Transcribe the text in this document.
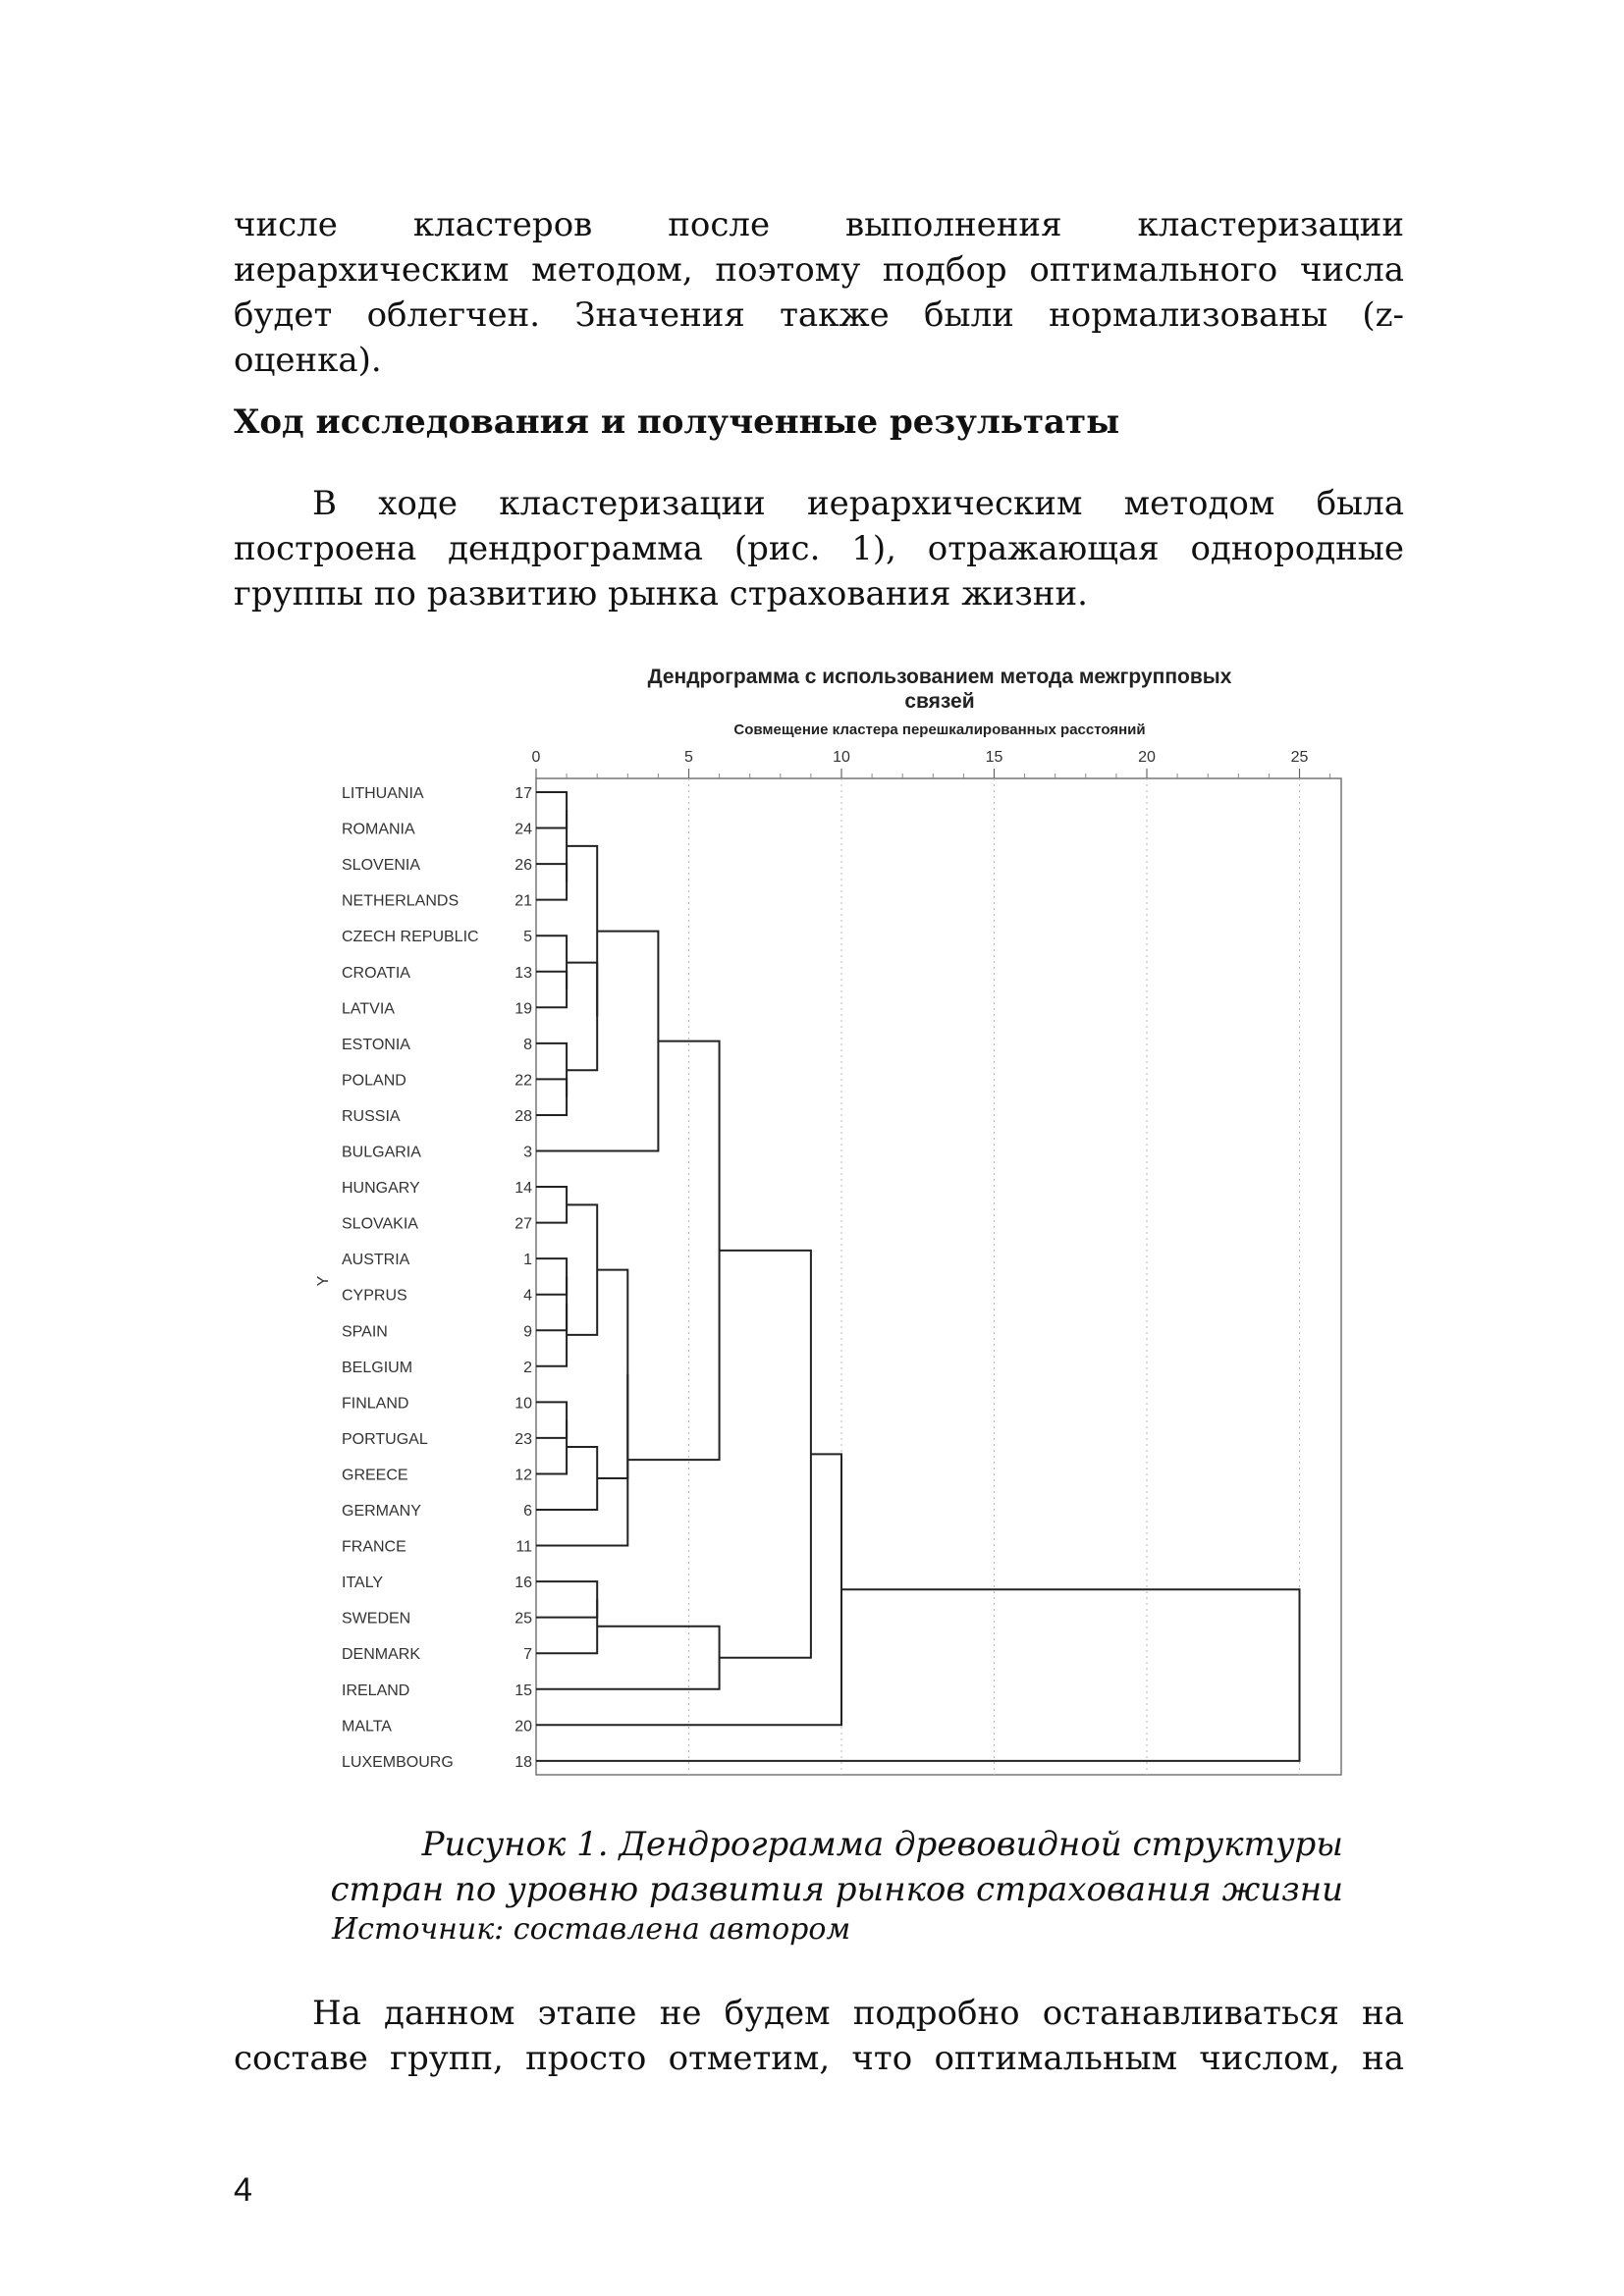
числе кластеров после выполнения кластеризации
иерархическим методом, поэтому подбор оптимального числа
будет облегчен. Значения также были нормализованы (z-
оценка).

Ход исследования и полученные результаты

В ходе кластеризации иерархическим методом была
построена дендрограмма (рис. 1), отражающая однородные
группы по развитию рынка страхования жизни.

Дендрограмма с использованием метода межгрупповых
связей
Совмещение кластера перешкалированных расстояний
Y
0	5	10	15	20	25
LITHUANIA	17
ROMANIA	24
SLOVENIA	26
NETHERLANDS	21
CZECH REPUBLIC	5
CROATIA	13
LATVIA	19
ESTONIA	8
POLAND	22
RUSSIA	28
BULGARIA	3
HUNGARY	14
SLOVAKIA	27
AUSTRIA	1
CYPRUS	4
SPAIN	9
BELGIUM	2
FINLAND	10
PORTUGAL	23
GREECE	12
GERMANY	6
FRANCE	11
ITALY	16
SWEDEN	25
DENMARK	7
IRELAND	15
MALTA	20
LUXEMBOURG	18

Рисунок 1. Дендрограмма древовидной структуры
стран по уровню развития рынков страхования жизни

Источник: составлена автором

На данном этапе не будем подробно останавливаться на
составе групп, просто отметим, что оптимальным числом, на

4
